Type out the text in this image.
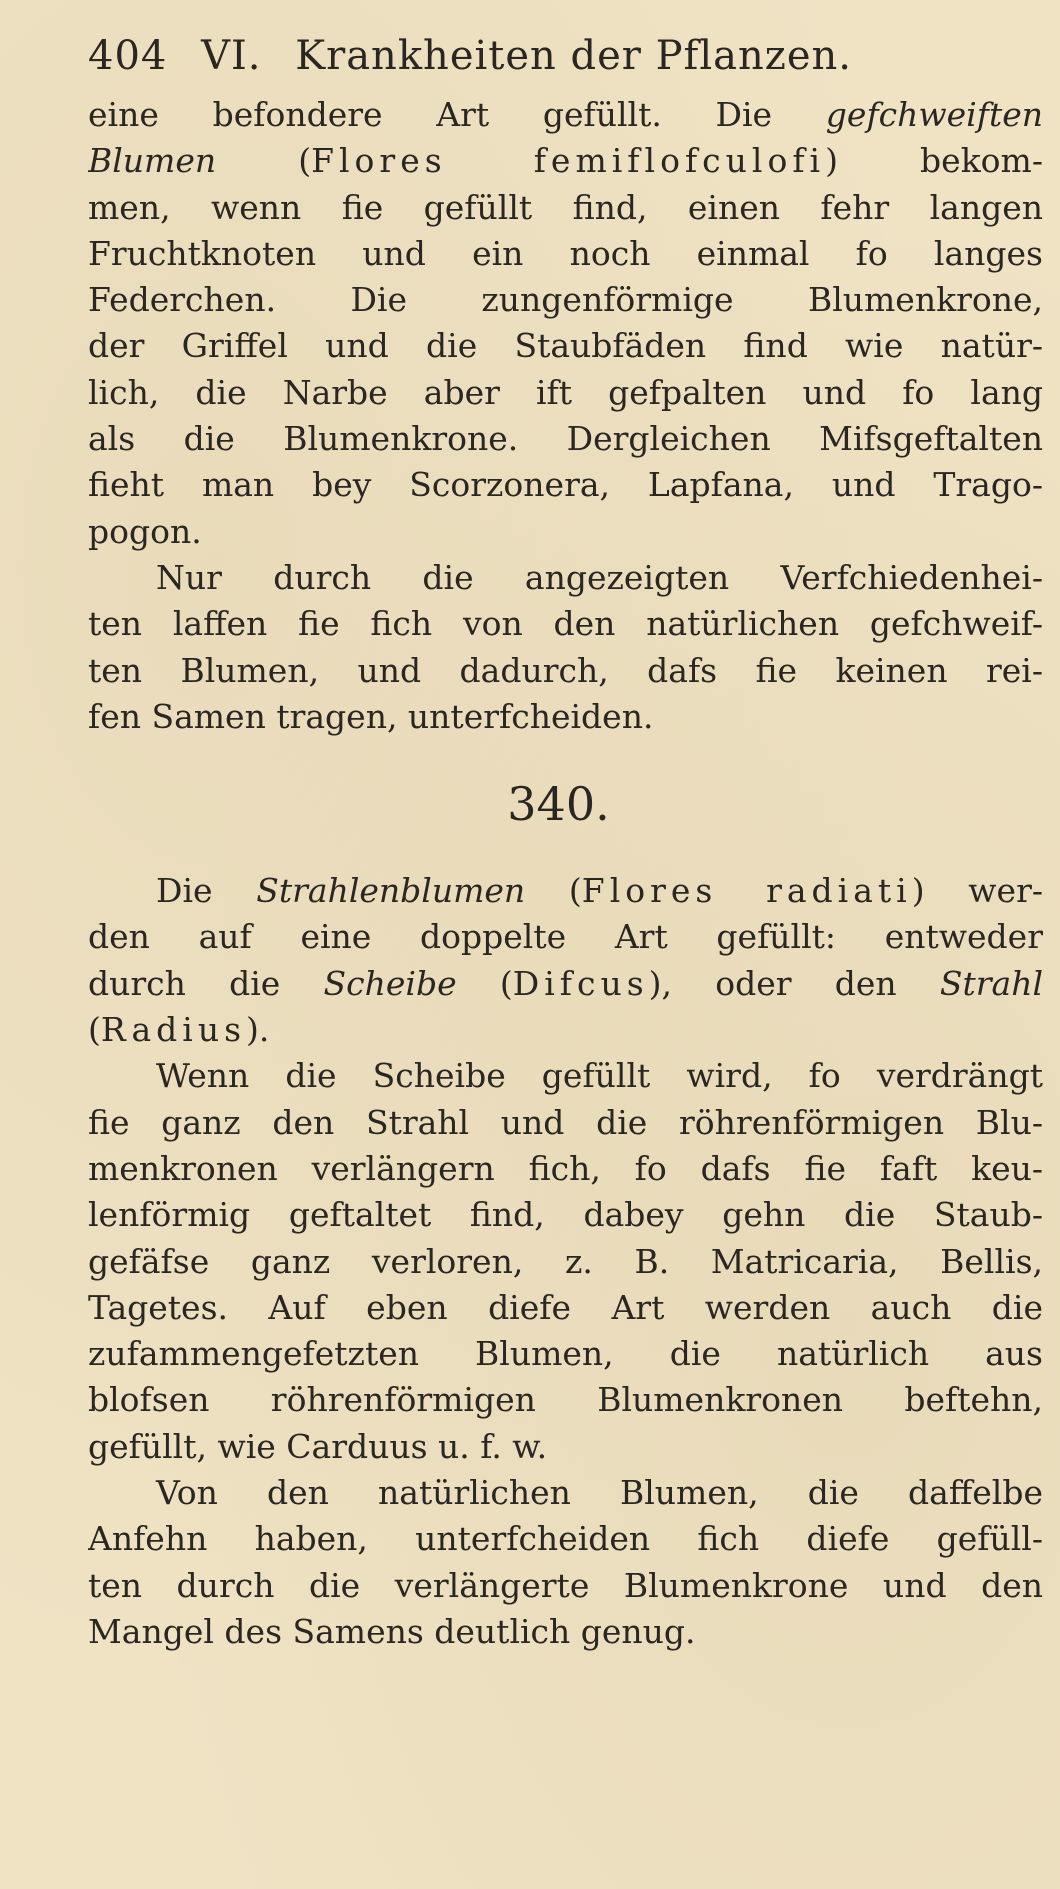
404 VI. Krankheiten der Pflanzen.
eine befondere Art gefüllt. Die gefchweiften
Blumen (Flores femiflofculofi) bekom-
men, wenn fie gefüllt find, einen fehr langen
Fruchtknoten und ein noch einmal fo langes
Federchen. Die zungenförmige Blumenkrone,
der Griffel und die Staubfäden find wie natür-
lich, die Narbe aber ift gefpalten und fo lang
als die Blumenkrone. Dergleichen Mifsgeftalten
fieht man bey Scorzonera, Lapfana, und Trago-
pogon.
Nur durch die angezeigten Verfchiedenhei-
ten laffen fie fich von den natürlichen gefchweif-
ten Blumen, und dadurch, dafs fie keinen rei-
fen Samen tragen, unterfcheiden.
340.
Die Strahlenblumen (Flores radiati) wer-
den auf eine doppelte Art gefüllt: entweder
durch die Scheibe (Difcus), oder den Strahl
(Radius).
Wenn die Scheibe gefüllt wird, fo verdrängt
fie ganz den Strahl und die röhrenförmigen Blu-
menkronen verlängern fich, fo dafs fie faft keu-
lenförmig geftaltet find, dabey gehn die Staub-
gefäfse ganz verloren, z. B. Matricaria, Bellis,
Tagetes. Auf eben diefe Art werden auch die
zufammengefetzten Blumen, die natürlich aus
blofsen röhrenförmigen Blumenkronen beftehn,
gefüllt, wie Carduus u. f. w.
Von den natürlichen Blumen, die daffelbe
Anfehn haben, unterfcheiden fich diefe gefüll-
ten durch die verlängerte Blumenkrone und den
Mangel des Samens deutlich genug.
